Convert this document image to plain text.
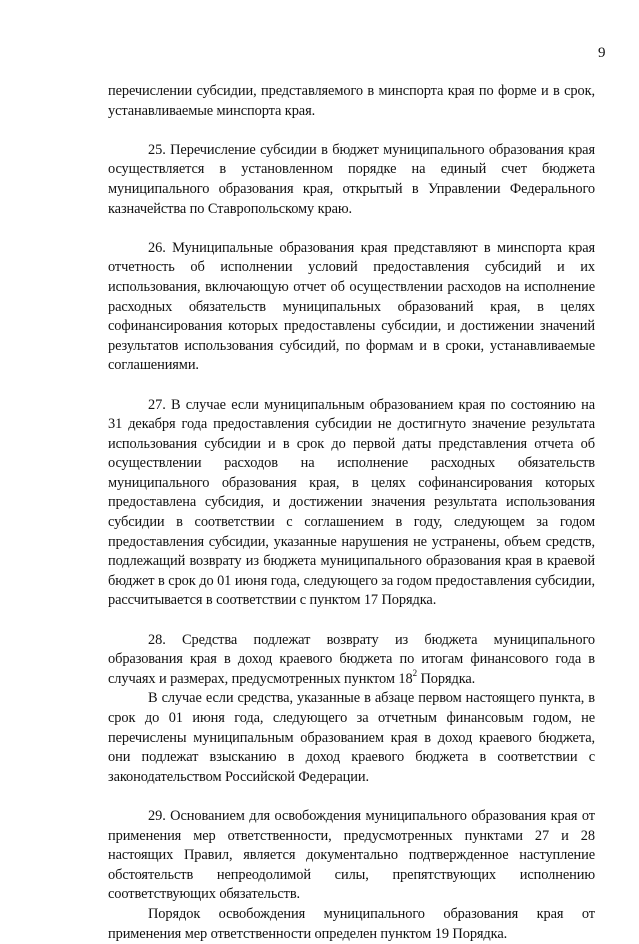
9

перечислении субсидии, представляемого в минспорта края по форме и в срок, устанавливаемые минспорта края.

25. Перечисление субсидии в бюджет муниципального образования края осуществляется в установленном порядке на единый счет бюджета муниципального образования края, открытый в Управлении Федерального казначейства по Ставропольскому краю.

26. Муниципальные образования края представляют в минспорта края отчетность об исполнении условий предоставления субсидий и их использования, включающую отчет об осуществлении расходов на исполнение расходных обязательств муниципальных образований края, в целях софинансирования которых предоставлены субсидии, и достижении значений результатов использования субсидий, по формам и в сроки, устанавливаемые соглашениями.

27. В случае если муниципальным образованием края по состоянию на 31 декабря года предоставления субсидии не достигнуто значение результата использования субсидии и в срок до первой даты представления отчета об осуществлении расходов на исполнение расходных обязательств муниципального образования края, в целях софинансирования которых предоставлена субсидия, и достижении значения результата использования субсидии в соответствии с соглашением в году, следующем за годом предоставления субсидии, указанные нарушения не устранены, объем средств, подлежащий возврату из бюджета муниципального образования края в краевой бюджет в срок до 01 июня года, следующего за годом предоставления субсидии, рассчитывается в соответствии с пунктом 17 Порядка.

28. Средства подлежат возврату из бюджета муниципального образования края в доход краевого бюджета по итогам финансового года в случаях и размерах, предусмотренных пунктом $18^2$ Порядка.

В случае если средства, указанные в абзаце первом настоящего пункта, в срок до 01 июня года, следующего за отчетным финансовым годом, не перечислены муниципальным образованием края в доход краевого бюджета, они подлежат взысканию в доход краевого бюджета в соответствии с законодательством Российской Федерации.

29. Основанием для освобождения муниципального образования края от применения мер ответственности, предусмотренных пунктами 27 и 28 настоящих Правил, является документально подтвержденное наступление обстоятельств непреодолимой силы, препятствующих исполнению соответствующих обязательств.

Порядок освобождения муниципального образования края от применения мер ответственности определен пунктом 19 Порядка.
